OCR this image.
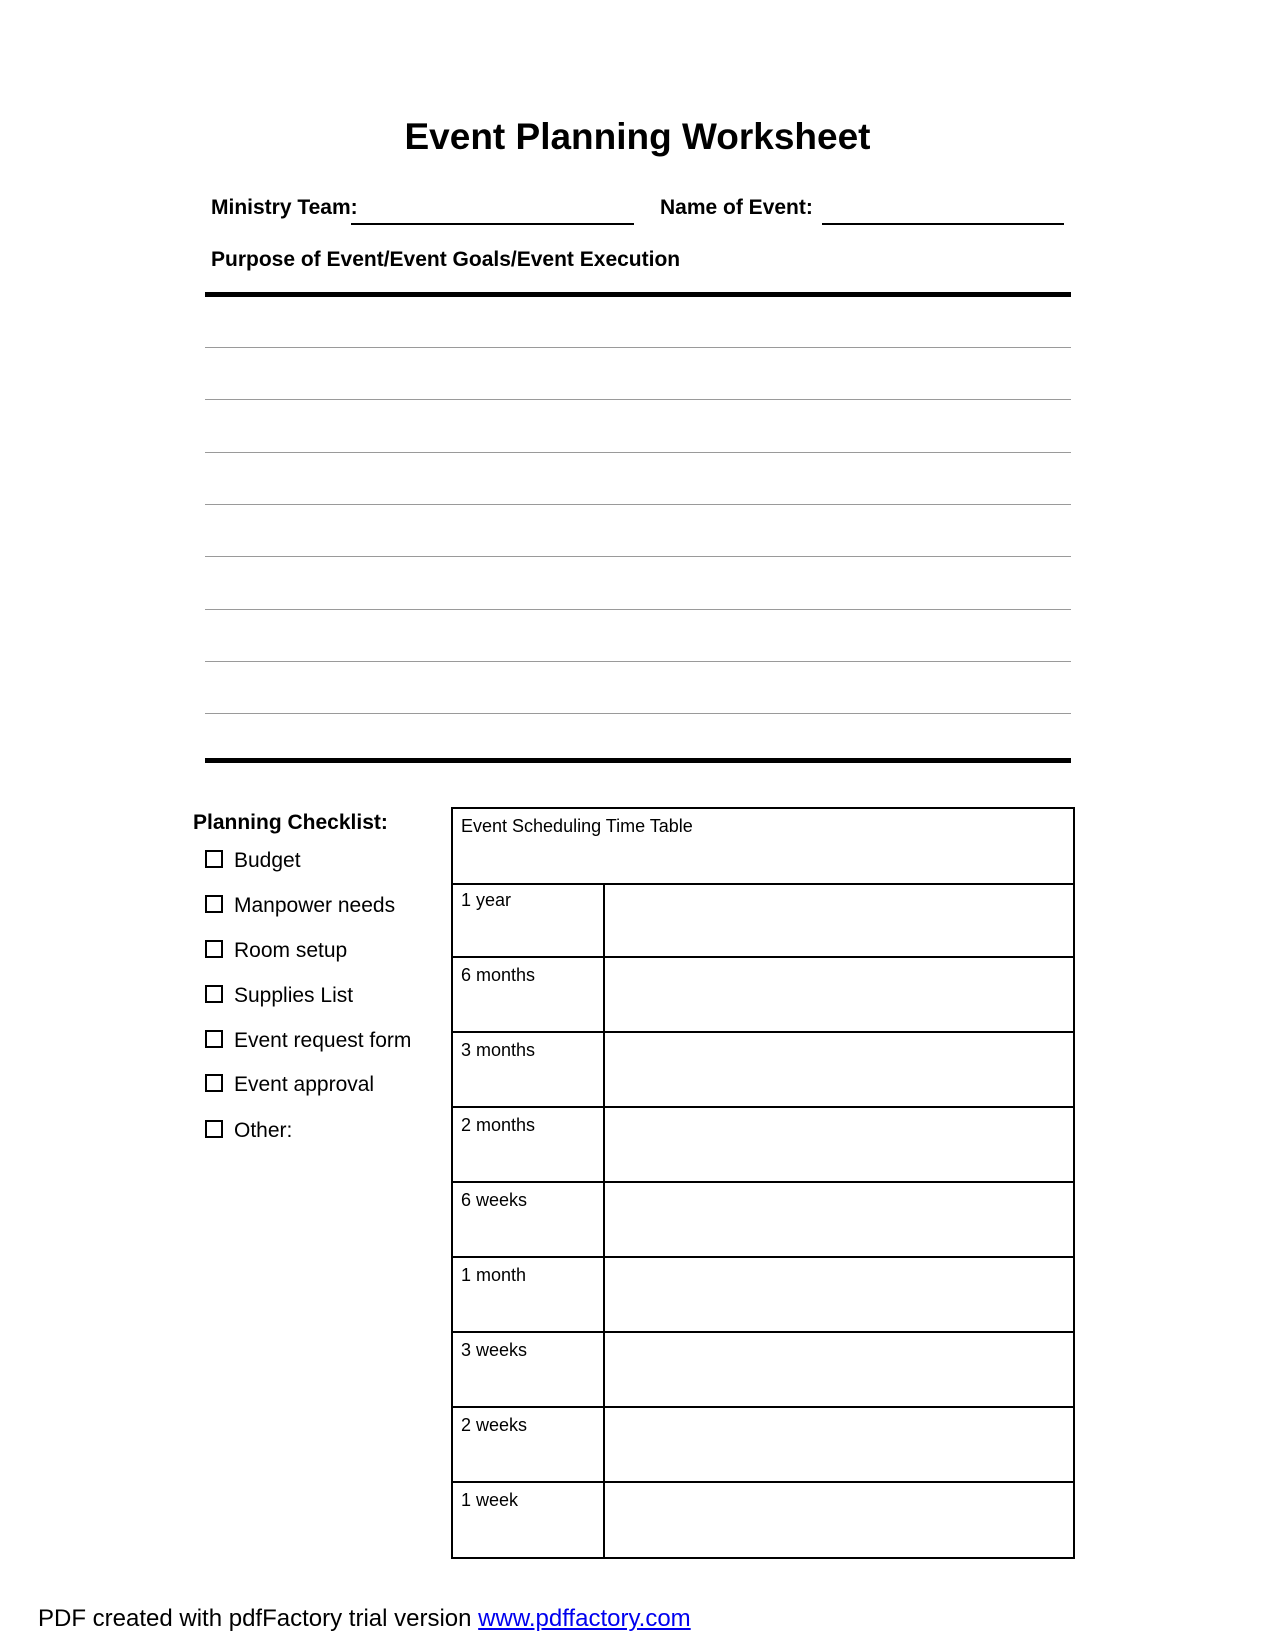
Event Planning Worksheet
Ministry Team:	Name of Event:
Purpose of Event/Event Goals/Event Execution
Planning Checklist:
Budget
Manpower needs
Room setup
Supplies List
Event request form
Event approval
Other:
Event Scheduling Time Table
1 year
6 months
3 months
2 months
6 weeks
1 month
3 weeks
2 weeks
1 week
PDF created with pdfFactory trial version www.pdffactory.com
